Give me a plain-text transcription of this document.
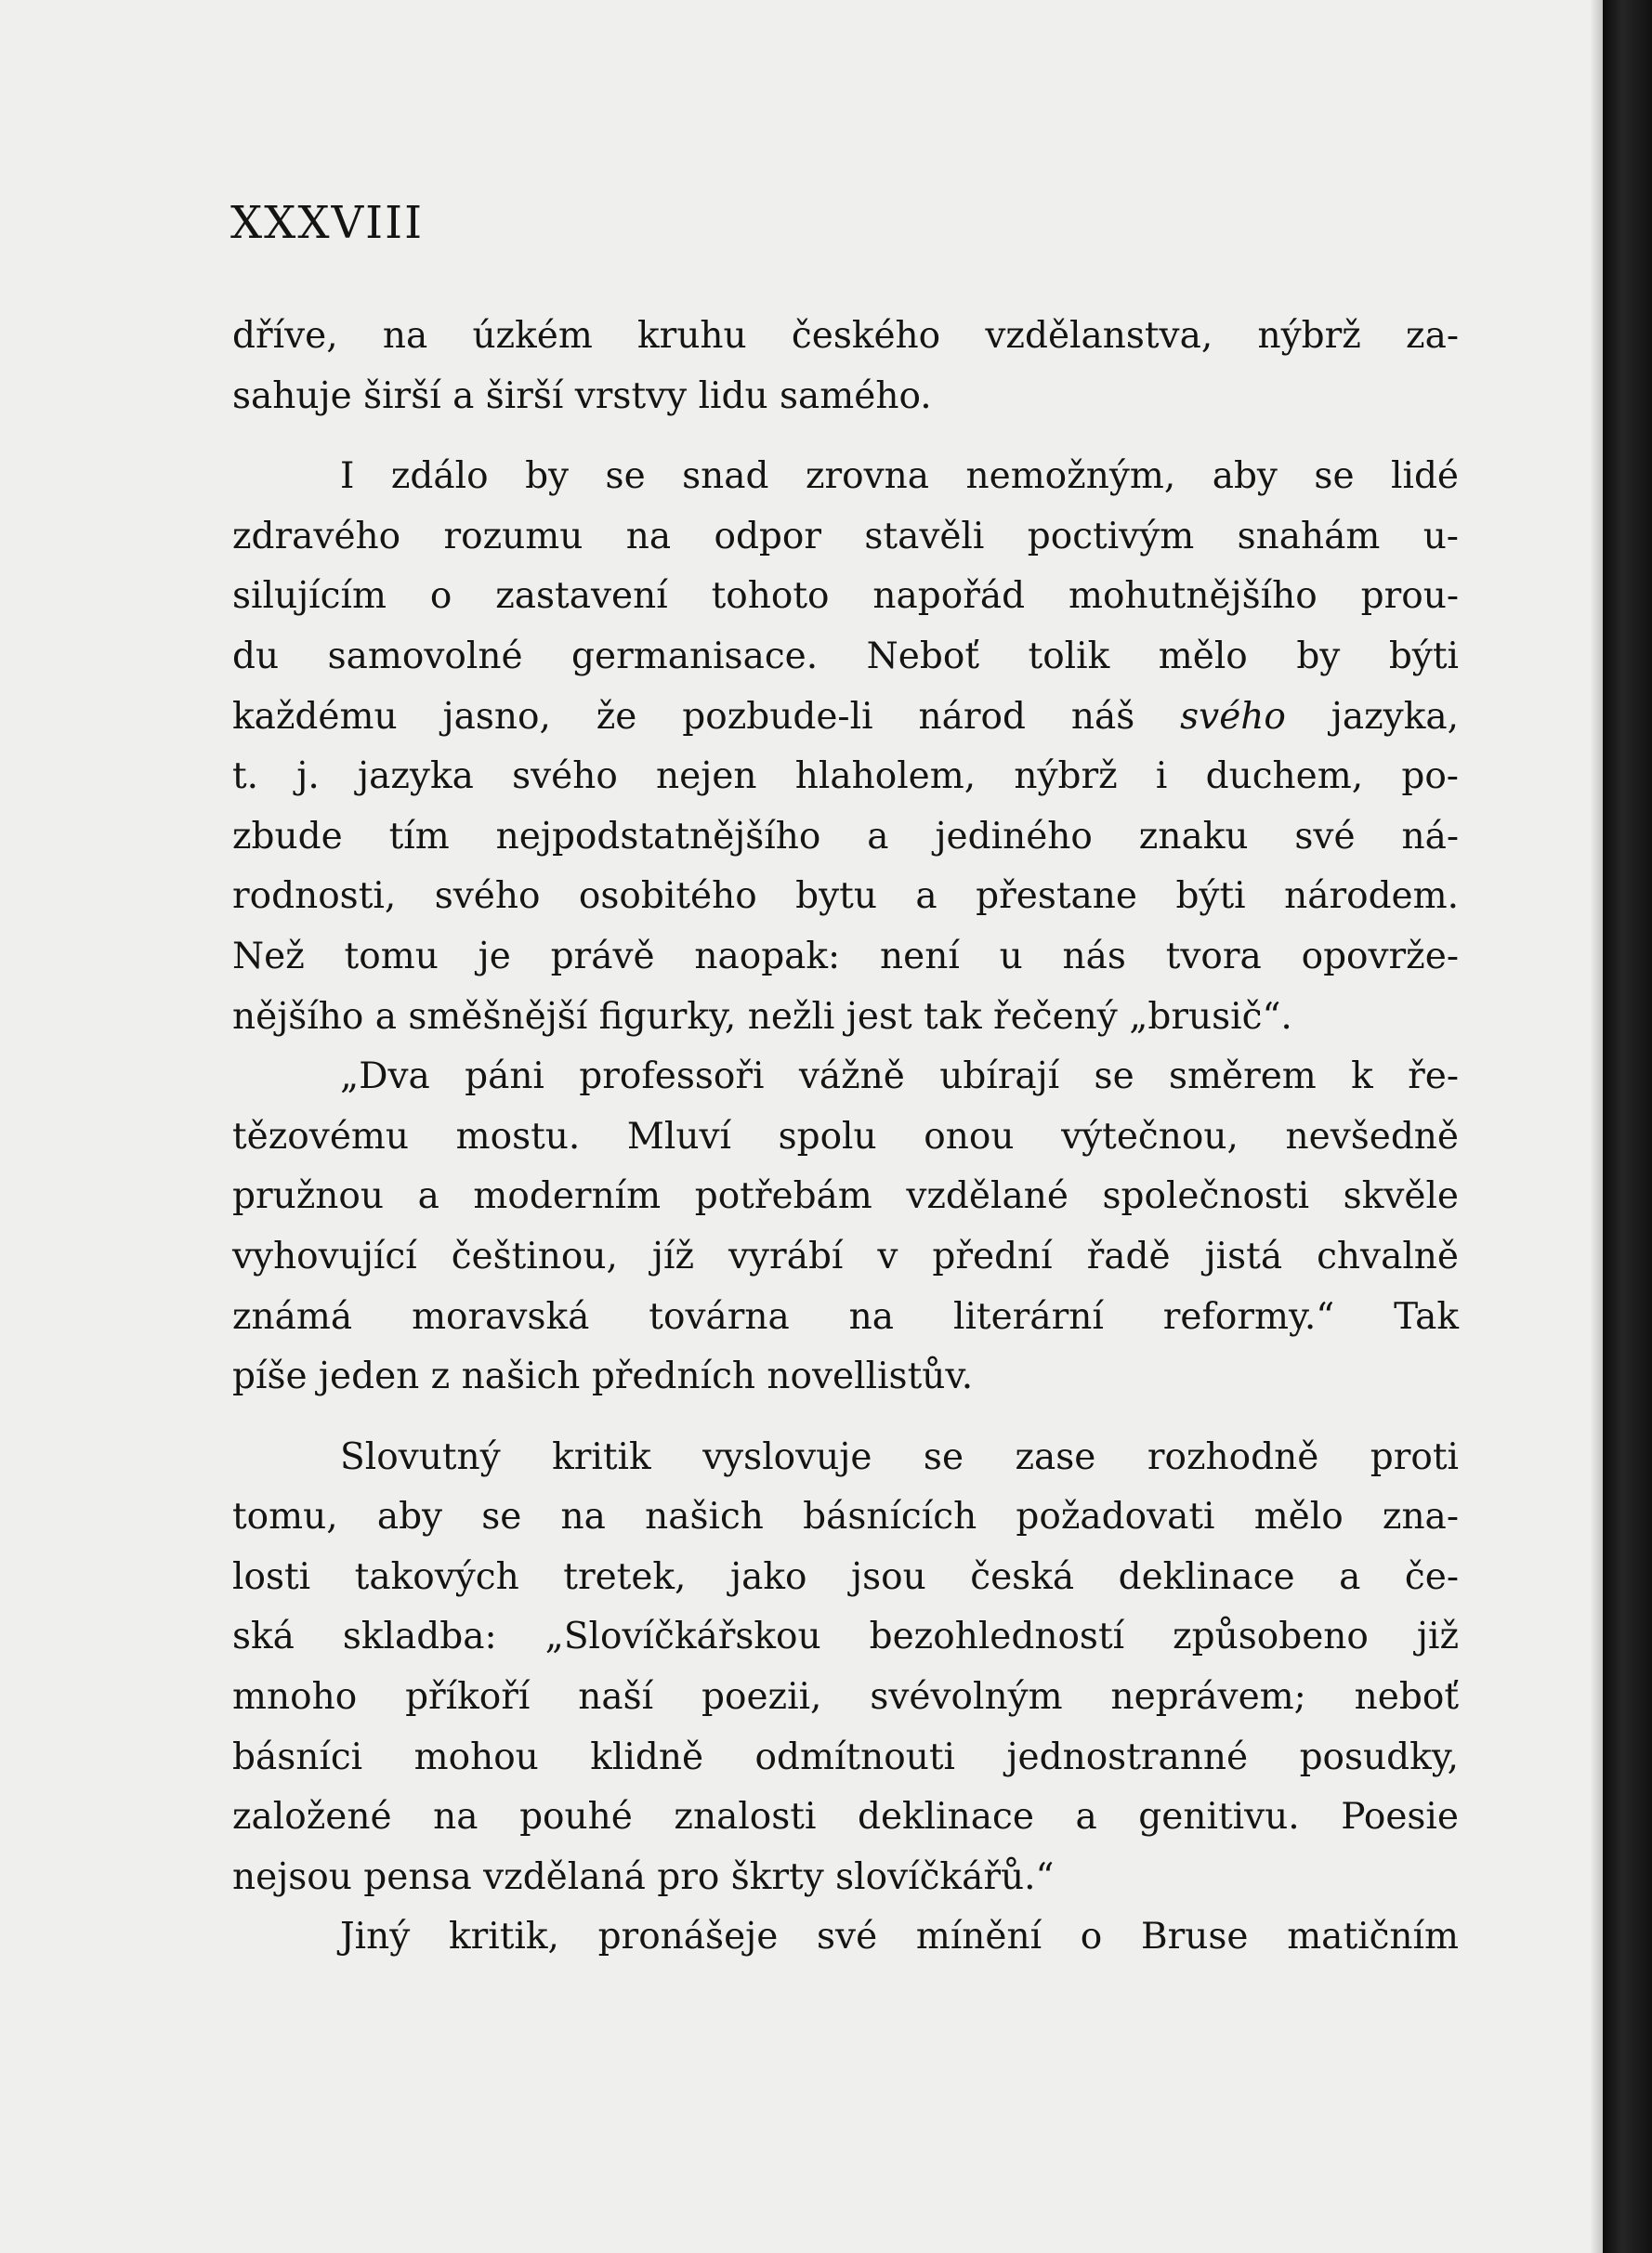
XXXVIII
dříve, na úzkém kruhu českého vzdělanstva, nýbrž za-
sahuje širší a širší vrstvy lidu samého.
I zdálo by se snad zrovna nemožným, aby se lidé
zdravého rozumu na odpor stavěli poctivým snahám u-
silujícím o zastavení tohoto napořád mohutnějšího prou-
du samovolné germanisace. Neboť tolik mělo by býti
každému jasno, že pozbude-li národ náš svého jazyka,
t. j. jazyka svého nejen hlaholem, nýbrž i duchem, po-
zbude tím nejpodstatnějšího a jediného znaku své ná-
rodnosti, svého osobitého bytu a přestane býti národem.
Než tomu je právě naopak: není u nás tvora opovrže-
nějšího a směšnější figurky, nežli jest tak řečený „brusič“.
„Dva páni professoři vážně ubírají se směrem k ře-
tězovému mostu. Mluví spolu onou výtečnou, nevšedně
pružnou a moderním potřebám vzdělané společnosti skvěle
vyhovující češtinou, jíž vyrábí v přední řadě jistá chvalně
známá moravská továrna na literární reformy.“ Tak
píše jeden z našich předních novellistův.
Slovutný kritik vyslovuje se zase rozhodně proti
tomu, aby se na našich básnících požadovati mělo zna-
losti takových tretek, jako jsou česká deklinace a če-
ská skladba: „Slovíčkářskou bezohledností způsobeno již
mnoho příkoří naší poezii, svévolným neprávem; neboť
básníci mohou klidně odmítnouti jednostranné posudky,
založené na pouhé znalosti deklinace a genitivu. Poesie
nejsou pensa vzdělaná pro škrty slovíčkářů.“
Jiný kritik, pronášeje své mínění o Bruse matičním
